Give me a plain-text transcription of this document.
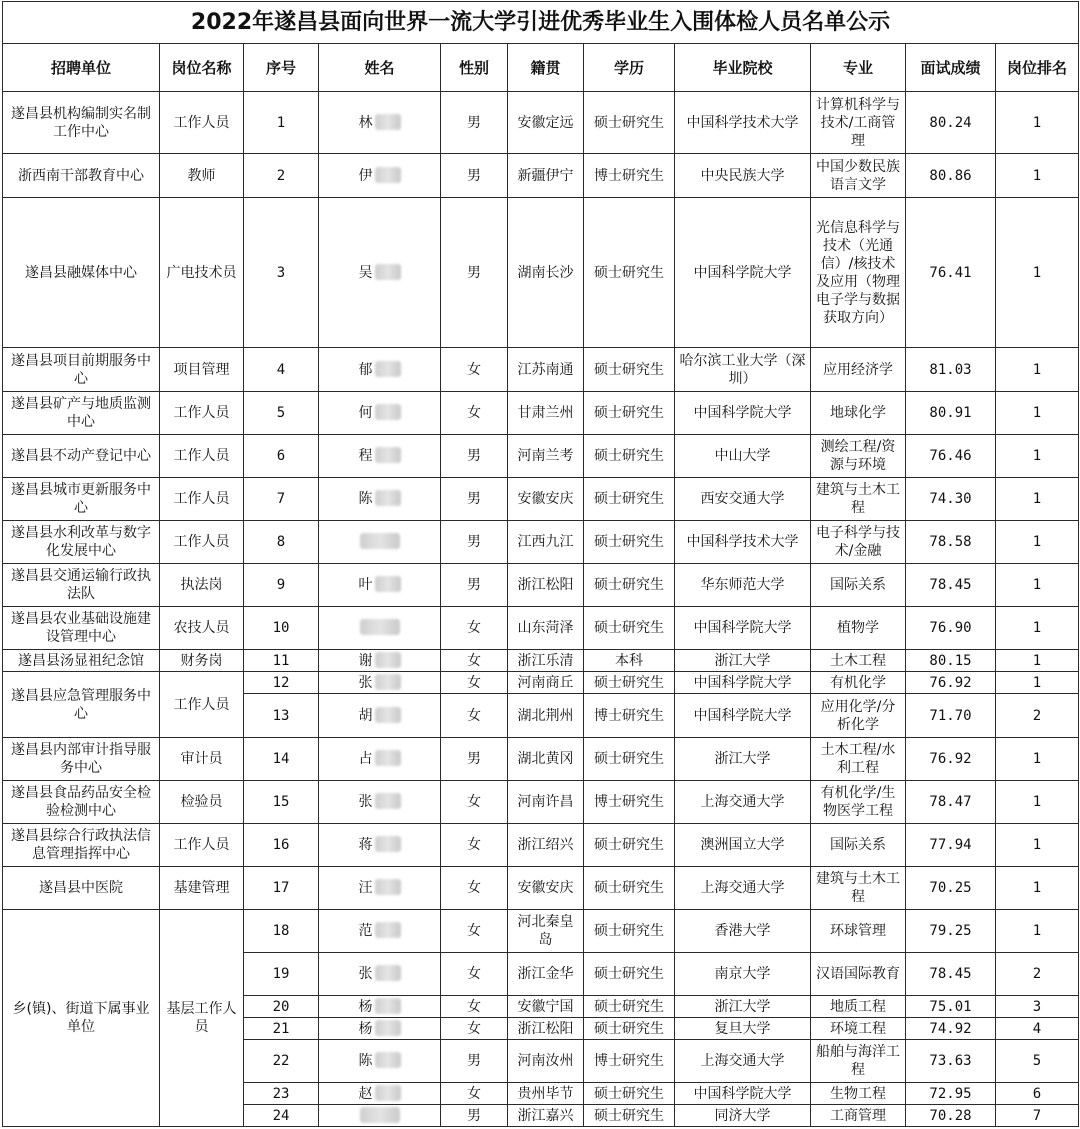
2022年遂昌县面向世界一流大学引进优秀毕业生入围体检人员名单公示										
招聘单位	岗位名称	序号	姓名	性别	籍贯	学历	毕业院校	专业	面试成绩	岗位排名
遂昌县机构编制实名制工作中心	工作人员	1	林	男	安徽定远	硕士研究生	中国科学技术大学	计算机科学与技术/工商管理	80.24	1
浙西南干部教育中心	教师	2	伊	男	新疆伊宁	博士研究生	中央民族大学	中国少数民族语言文学	80.86	1
遂昌县融媒体中心	广电技术员	3	吴	男	湖南长沙	硕士研究生	中国科学院大学	光信息科学与技术（光通信）/核技术及应用（物理电子学与数据获取方向）	76.41	1
遂昌县项目前期服务中心	项目管理	4	郁	女	江苏南通	硕士研究生	哈尔滨工业大学（深圳）	应用经济学	81.03	1
遂昌县矿产与地质监测中心	工作人员	5	何	女	甘肃兰州	硕士研究生	中国科学院大学	地球化学	80.91	1
遂昌县不动产登记中心	工作人员	6	程	男	河南兰考	硕士研究生	中山大学	测绘工程/资源与环境	76.46	1
遂昌县城市更新服务中心	工作人员	7	陈	男	安徽安庆	硕士研究生	西安交通大学	建筑与土木工程	74.30	1
遂昌县水利改革与数字化发展中心	工作人员	8		男	江西九江	硕士研究生	中国科学技术大学	电子科学与技术/金融	78.58	1
遂昌县交通运输行政执法队	执法岗	9	叶	男	浙江松阳	硕士研究生	华东师范大学	国际关系	78.45	1
遂昌县农业基础设施建设管理中心	农技人员	10		女	山东菏泽	硕士研究生	中国科学院大学	植物学	76.90	1
遂昌县汤显祖纪念馆	财务岗	11	谢	女	浙江乐清	本科	浙江大学	土木工程	80.15	1
遂昌县应急管理服务中心	工作人员	12	张	女	河南商丘	硕士研究生	中国科学院大学	有机化学	76.92	1
		13	胡	女	湖北荆州	博士研究生	中国科学院大学	应用化学/分析化学	71.70	2
遂昌县内部审计指导服务中心	审计员	14	占	男	湖北黄冈	硕士研究生	浙江大学	土木工程/水利工程	76.92	1
遂昌县食品药品安全检验检测中心	检验员	15	张	女	河南许昌	博士研究生	上海交通大学	有机化学/生物医学工程	78.47	1
遂昌县综合行政执法信息管理指挥中心	工作人员	16	蒋	女	浙江绍兴	硕士研究生	澳洲国立大学	国际关系	77.94	1
遂昌县中医院	基建管理	17	汪	女	安徽安庆	硕士研究生	上海交通大学	建筑与土木工程	70.25	1
乡(镇)、街道下属事业单位	基层工作人员	18	范	女	河北秦皇岛	硕士研究生	香港大学	环球管理	79.25	1
		19	张	女	浙江金华	硕士研究生	南京大学	汉语国际教育	78.45	2
		20	杨	女	安徽宁国	硕士研究生	浙江大学	地质工程	75.01	3
		21	杨	女	浙江松阳	硕士研究生	复旦大学	环境工程	74.92	4
		22	陈	男	河南汝州	博士研究生	上海交通大学	船舶与海洋工程	73.63	5
		23	赵	女	贵州毕节	硕士研究生	中国科学院大学	生物工程	72.95	6
		24		男	浙江嘉兴	硕士研究生	同济大学	工商管理	70.28	7
